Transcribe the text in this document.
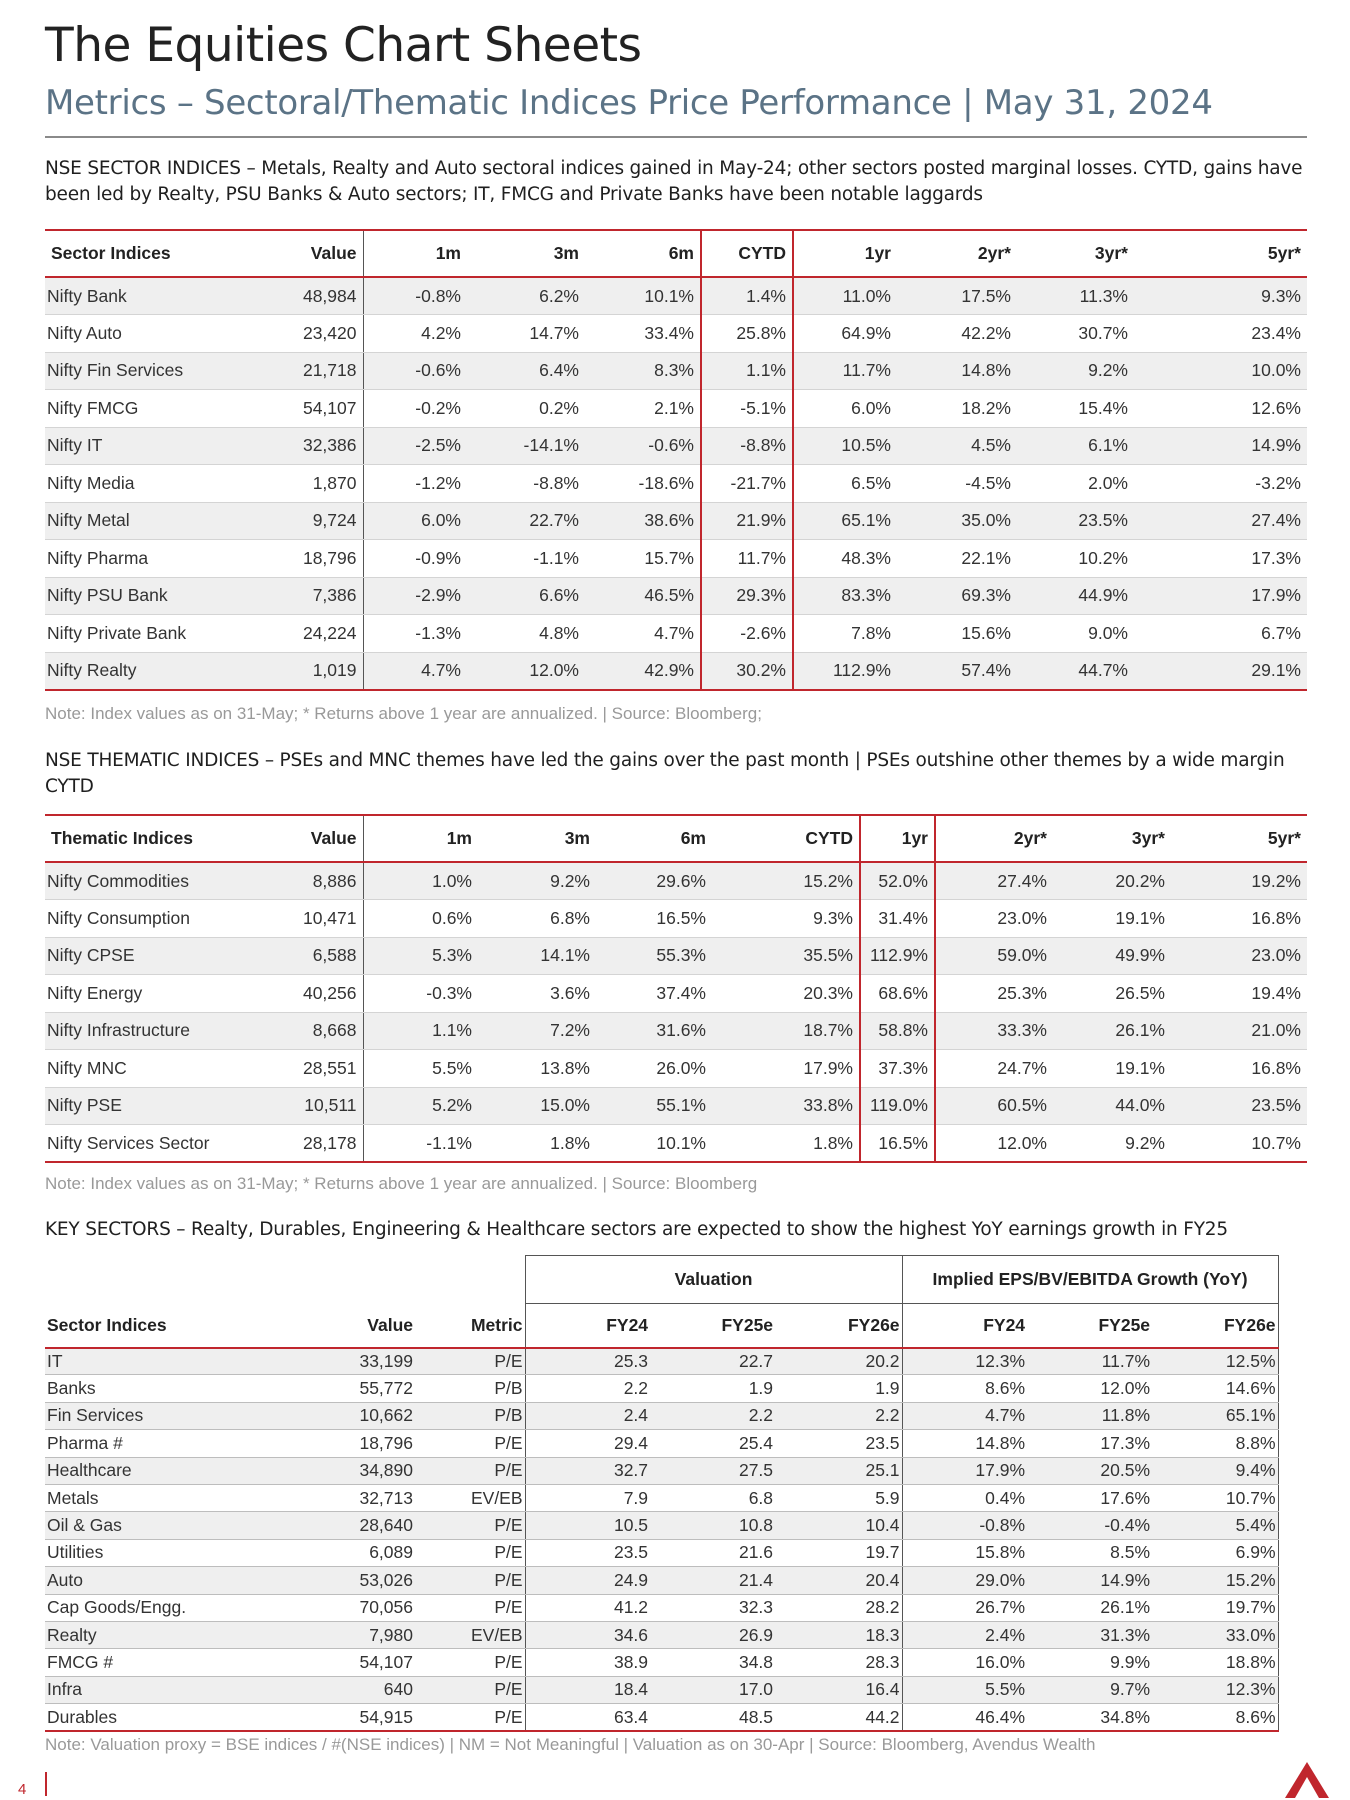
The Equities Chart Sheets
Metrics – Sectoral/Thematic Indices Price Performance | May 31, 2024
NSE SECTOR INDICES – Metals, Realty and Auto sectoral indices gained in May-24; other sectors posted marginal losses. CYTD, gains have been led by Realty, PSU Banks & Auto sectors; IT, FMCG and Private Banks have been notable laggards
Sector Indices	Value	1m	3m	6m	CYTD	1yr	2yr*	3yr*	5yr*
Nifty Bank	48,984	-0.8%	6.2%	10.1%	1.4%	11.0%	17.5%	11.3%	9.3%
Nifty Auto	23,420	4.2%	14.7%	33.4%	25.8%	64.9%	42.2%	30.7%	23.4%
Nifty Fin Services	21,718	-0.6%	6.4%	8.3%	1.1%	11.7%	14.8%	9.2%	10.0%
Nifty FMCG	54,107	-0.2%	0.2%	2.1%	-5.1%	6.0%	18.2%	15.4%	12.6%
Nifty IT	32,386	-2.5%	-14.1%	-0.6%	-8.8%	10.5%	4.5%	6.1%	14.9%
Nifty Media	1,870	-1.2%	-8.8%	-18.6%	-21.7%	6.5%	-4.5%	2.0%	-3.2%
Nifty Metal	9,724	6.0%	22.7%	38.6%	21.9%	65.1%	35.0%	23.5%	27.4%
Nifty Pharma	18,796	-0.9%	-1.1%	15.7%	11.7%	48.3%	22.1%	10.2%	17.3%
Nifty PSU Bank	7,386	-2.9%	6.6%	46.5%	29.3%	83.3%	69.3%	44.9%	17.9%
Nifty Private Bank	24,224	-1.3%	4.8%	4.7%	-2.6%	7.8%	15.6%	9.0%	6.7%
Nifty Realty	1,019	4.7%	12.0%	42.9%	30.2%	112.9%	57.4%	44.7%	29.1%
Note: Index values as on 31-May; * Returns above 1 year are annualized. | Source: Bloomberg;
NSE THEMATIC INDICES – PSEs and MNC themes have led the gains over the past month | PSEs outshine other themes by a wide margin CYTD
Thematic Indices	Value	1m	3m	6m	CYTD	1yr	2yr*	3yr*	5yr*
Nifty Commodities	8,886	1.0%	9.2%	29.6%	15.2%	52.0%	27.4%	20.2%	19.2%
Nifty Consumption	10,471	0.6%	6.8%	16.5%	9.3%	31.4%	23.0%	19.1%	16.8%
Nifty CPSE	6,588	5.3%	14.1%	55.3%	35.5%	112.9%	59.0%	49.9%	23.0%
Nifty Energy	40,256	-0.3%	3.6%	37.4%	20.3%	68.6%	25.3%	26.5%	19.4%
Nifty Infrastructure	8,668	1.1%	7.2%	31.6%	18.7%	58.8%	33.3%	26.1%	21.0%
Nifty MNC	28,551	5.5%	13.8%	26.0%	17.9%	37.3%	24.7%	19.1%	16.8%
Nifty PSE	10,511	5.2%	15.0%	55.1%	33.8%	119.0%	60.5%	44.0%	23.5%
Nifty Services Sector	28,178	-1.1%	1.8%	10.1%	1.8%	16.5%	12.0%	9.2%	10.7%
Note: Index values as on 31-May; * Returns above 1 year are annualized. | Source: Bloomberg
KEY SECTORS – Realty, Durables, Engineering & Healthcare sectors are expected to show the highest YoY earnings growth in FY25
			Valuation			Implied EPS/BV/EBITDA Growth (YoY)		
Sector Indices	Value	Metric	FY24	FY25e	FY26e	FY24	FY25e	FY26e
IT	33,199	P/E	25.3	22.7	20.2	12.3%	11.7%	12.5%
Banks	55,772	P/B	2.2	1.9	1.9	8.6%	12.0%	14.6%
Fin Services	10,662	P/B	2.4	2.2	2.2	4.7%	11.8%	65.1%
Pharma #	18,796	P/E	29.4	25.4	23.5	14.8%	17.3%	8.8%
Healthcare	34,890	P/E	32.7	27.5	25.1	17.9%	20.5%	9.4%
Metals	32,713	EV/EB	7.9	6.8	5.9	0.4%	17.6%	10.7%
Oil & Gas	28,640	P/E	10.5	10.8	10.4	-0.8%	-0.4%	5.4%
Utilities	6,089	P/E	23.5	21.6	19.7	15.8%	8.5%	6.9%
Auto	53,026	P/E	24.9	21.4	20.4	29.0%	14.9%	15.2%
Cap Goods/Engg.	70,056	P/E	41.2	32.3	28.2	26.7%	26.1%	19.7%
Realty	7,980	EV/EB	34.6	26.9	18.3	2.4%	31.3%	33.0%
FMCG #	54,107	P/E	38.9	34.8	28.3	16.0%	9.9%	18.8%
Infra	640	P/E	18.4	17.0	16.4	5.5%	9.7%	12.3%
Durables	54,915	P/E	63.4	48.5	44.2	46.4%	34.8%	8.6%
Note: Valuation proxy = BSE indices / #(NSE indices) | NM = Not Meaningful | Valuation as on 30-Apr | Source: Bloomberg, Avendus Wealth
4
